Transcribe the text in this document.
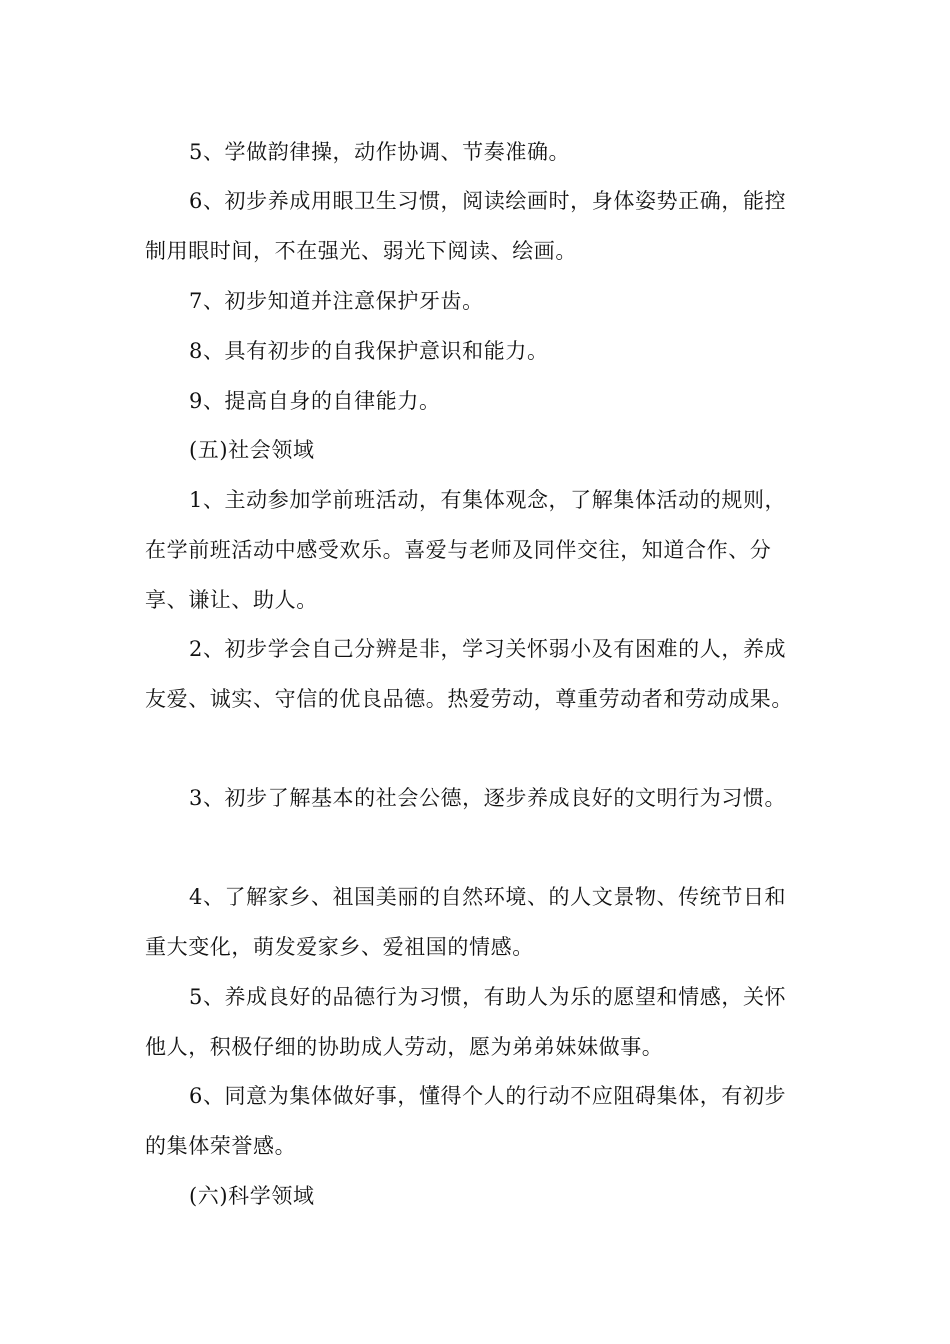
5、学做韵律操，动作协调、节奏准确。
6、初步养成用眼卫生习惯，阅读绘画时，身体姿势正确，能控
制用眼时间，不在强光、弱光下阅读、绘画。
7、初步知道并注意保护牙齿。
8、具有初步的自我保护意识和能力。
9、提高自身的自律能力。
(五)社会领域
1、主动参加学前班活动，有集体观念，了解集体活动的规则，
在学前班活动中感受欢乐。喜爱与老师及同伴交往，知道合作、分
享、谦让、助人。
2、初步学会自己分辨是非，学习关怀弱小及有困难的人，养成
友爱、诚实、守信的优良品德。热爱劳动，尊重劳动者和劳动成果。
3、初步了解基本的社会公德，逐步养成良好的文明行为习惯。
4、了解家乡、祖国美丽的自然环境、的人文景物、传统节日和
重大变化，萌发爱家乡、爱祖国的情感。
5、养成良好的品德行为习惯，有助人为乐的愿望和情感，关怀
他人，积极仔细的协助成人劳动，愿为弟弟妹妹做事。
6、同意为集体做好事，懂得个人的行动不应阻碍集体，有初步
的集体荣誉感。
(六)科学领域
